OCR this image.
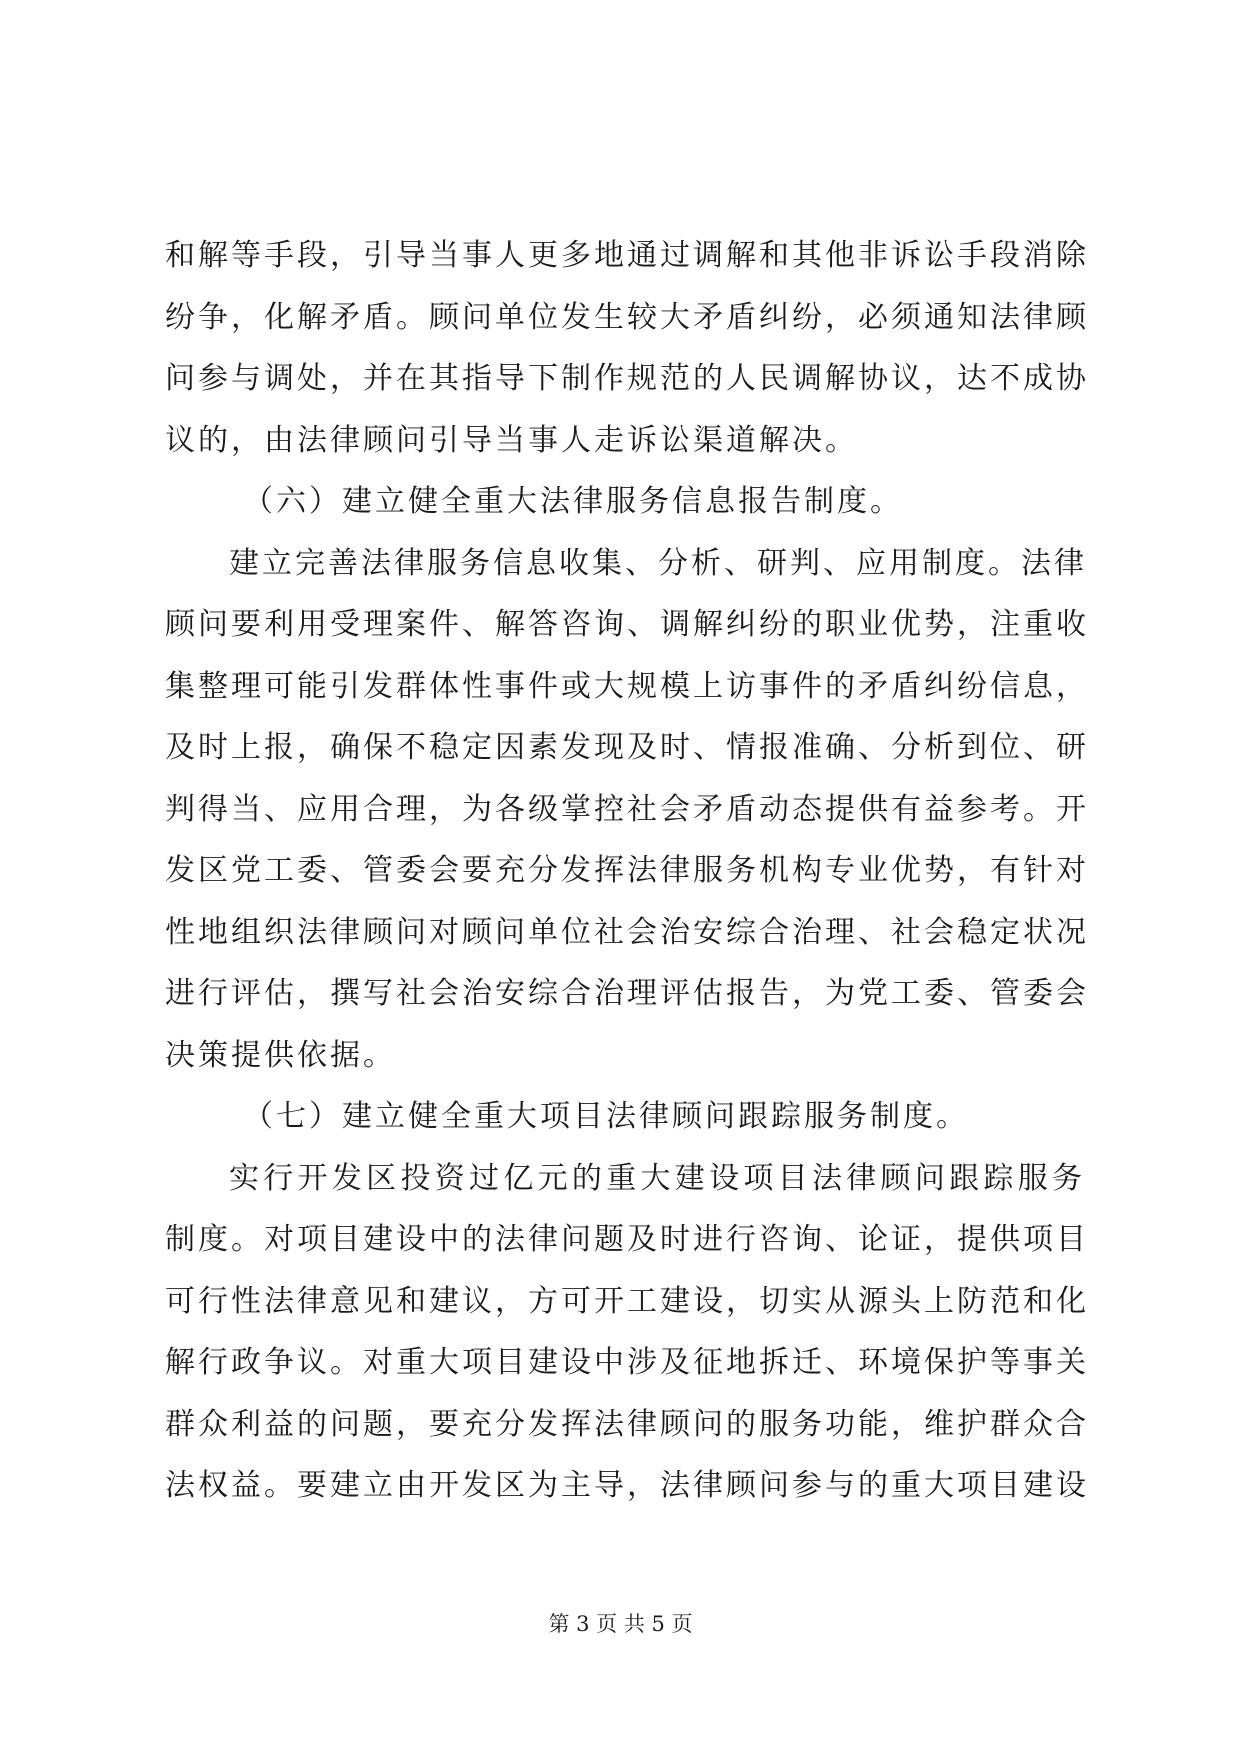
和解等手段，引导当事人更多地通过调解和其他非诉讼手段消除
纷争，化解矛盾。顾问单位发生较大矛盾纠纷，必须通知法律顾
问参与调处，并在其指导下制作规范的人民调解协议，达不成协
议的，由法律顾问引导当事人走诉讼渠道解决。
（六）建立健全重大法律服务信息报告制度。
建立完善法律服务信息收集、分析、研判、应用制度。法律
顾问要利用受理案件、解答咨询、调解纠纷的职业优势，注重收
集整理可能引发群体性事件或大规模上访事件的矛盾纠纷信息，
及时上报，确保不稳定因素发现及时、情报准确、分析到位、研
判得当、应用合理，为各级掌控社会矛盾动态提供有益参考。开
发区党工委、管委会要充分发挥法律服务机构专业优势，有针对
性地组织法律顾问对顾问单位社会治安综合治理、社会稳定状况
进行评估，撰写社会治安综合治理评估报告，为党工委、管委会
决策提供依据。
（七）建立健全重大项目法律顾问跟踪服务制度。
实行开发区投资过亿元的重大建设项目法律顾问跟踪服务
制度。对项目建设中的法律问题及时进行咨询、论证，提供项目
可行性法律意见和建议，方可开工建设，切实从源头上防范和化
解行政争议。对重大项目建设中涉及征地拆迁、环境保护等事关
群众利益的问题，要充分发挥法律顾问的服务功能，维护群众合
法权益。要建立由开发区为主导，法律顾问参与的重大项目建设
第 3 页 共 5 页
